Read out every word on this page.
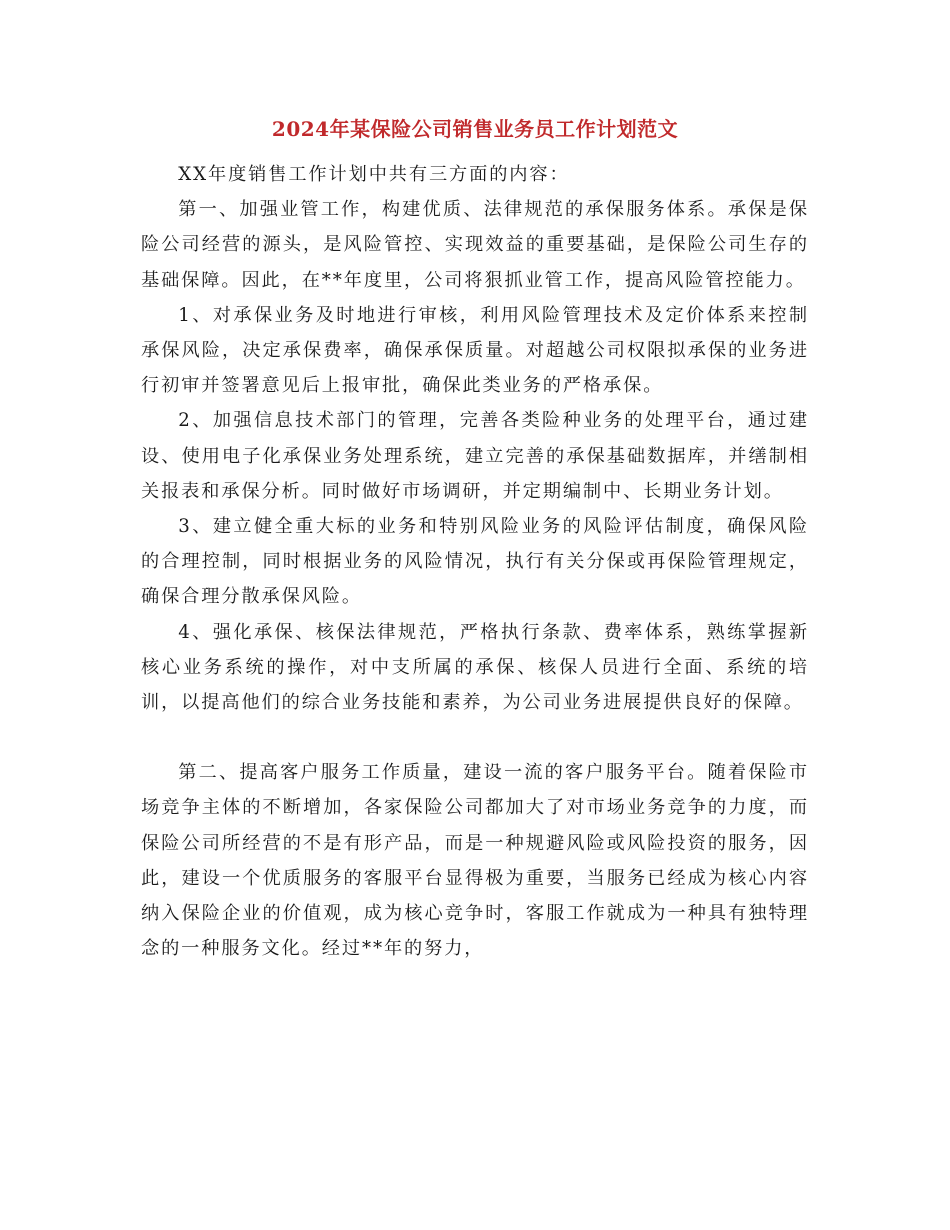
2024年某保险公司销售业务员工作计划范文

XX年度销售工作计划中共有三方面的内容：

第一、加强业管工作，构建优质、法律规范的承保服务体系。承保是保险公司经营的源头，是风险管控、实现效益的重要基础，是保险公司生存的基础保障。因此，在**年度里，公司将狠抓业管工作，提高风险管控能力。

1、对承保业务及时地进行审核，利用风险管理技术及定价体系来控制承保风险，决定承保费率，确保承保质量。对超越公司权限拟承保的业务进行初审并签署意见后上报审批，确保此类业务的严格承保。

2、加强信息技术部门的管理，完善各类险种业务的处理平台，通过建设、使用电子化承保业务处理系统，建立完善的承保基础数据库，并缮制相关报表和承保分析。同时做好市场调研，并定期编制中、长期业务计划。

3、建立健全重大标的业务和特别风险业务的风险评估制度，确保风险的合理控制，同时根据业务的风险情况，执行有关分保或再保险管理规定，确保合理分散承保风险。

4、强化承保、核保法律规范，严格执行条款、费率体系，熟练掌握新核心业务系统的操作，对中支所属的承保、核保人员进行全面、系统的培训，以提高他们的综合业务技能和素养，为公司业务进展提供良好的保障。

第二、提高客户服务工作质量，建设一流的客户服务平台。随着保险市场竞争主体的不断增加，各家保险公司都加大了对市场业务竞争的力度，而保险公司所经营的不是有形产品，而是一种规避风险或风险投资的服务，因此，建设一个优质服务的客服平台显得极为重要，当服务已经成为核心内容纳入保险企业的价值观，成为核心竞争时，客服工作就成为一种具有独特理念的一种服务文化。经过**年的努力，
